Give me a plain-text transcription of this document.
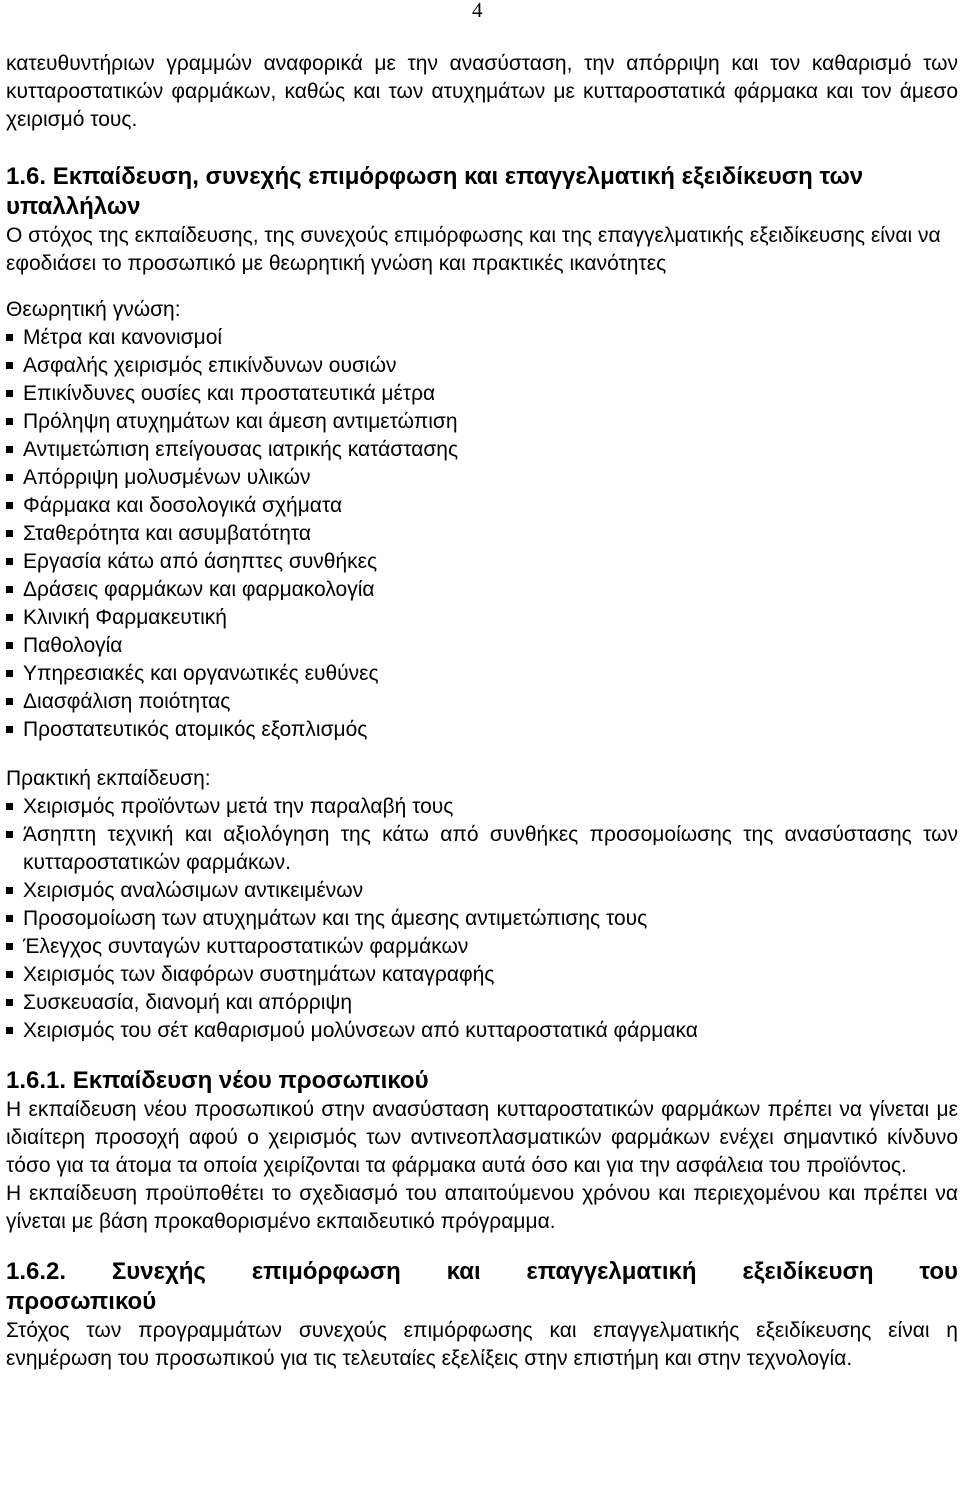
4

κατευθυντήριων γραμμών αναφορικά με την ανασύσταση, την απόρριψη και τον καθαρισμό των κυτταροστατικών φαρμάκων, καθώς και των ατυχημάτων με κυτταροστατικά φάρμακα και τον άμεσο χειρισμό τους.

1.6. Εκπαίδευση, συνεχής επιμόρφωση και επαγγελματική εξειδίκευση των υπαλλήλων

Ο στόχος της εκπαίδευσης, της συνεχούς επιμόρφωσης και της επαγγελματικής εξειδίκευσης είναι να εφοδιάσει το προσωπικό με θεωρητική γνώση και πρακτικές ικανότητες

Θεωρητική γνώση:

Μέτρα και κανονισμοί
Ασφαλής χειρισμός επικίνδυνων ουσιών
Επικίνδυνες ουσίες και προστατευτικά μέτρα
Πρόληψη ατυχημάτων και άμεση αντιμετώπιση
Αντιμετώπιση επείγουσας ιατρικής κατάστασης
Απόρριψη μολυσμένων υλικών
Φάρμακα και δοσολογικά σχήματα
Σταθερότητα και ασυμβατότητα
Εργασία κάτω από άσηπτες συνθήκες
Δράσεις φαρμάκων και φαρμακολογία
Κλινική Φαρμακευτική
Παθολογία
Υπηρεσιακές και οργανωτικές ευθύνες
Διασφάλιση ποιότητας
Προστατευτικός ατομικός εξοπλισμός

Πρακτική εκπαίδευση:

Χειρισμός προϊόντων μετά την παραλαβή τους
Άσηπτη τεχνική και αξιολόγηση της κάτω από συνθήκες προσομοίωσης της ανασύστασης των κυτταροστατικών φαρμάκων.
Χειρισμός αναλώσιμων αντικειμένων
Προσομοίωση των ατυχημάτων και της άμεσης αντιμετώπισης τους
Έλεγχος συνταγών κυτταροστατικών φαρμάκων
Χειρισμός των διαφόρων συστημάτων καταγραφής
Συσκευασία, διανομή και απόρριψη
Χειρισμός του σέτ καθαρισμού μολύνσεων από κυτταροστατικά φάρμακα

1.6.1. Εκπαίδευση νέου προσωπικού

Η εκπαίδευση νέου προσωπικού στην ανασύσταση κυτταροστατικών φαρμάκων πρέπει να γίνεται με ιδιαίτερη προσοχή αφού ο χειρισμός των αντινεοπλασματικών φαρμάκων ενέχει σημαντικό κίνδυνο τόσο για τα άτομα τα οποία χειρίζονται τα φάρμακα αυτά όσο και για την ασφάλεια του προϊόντος.

Η εκπαίδευση προϋποθέτει το σχεδιασμό του απαιτούμενου χρόνου και περιεχομένου και πρέπει να γίνεται με βάση προκαθορισμένο εκπαιδευτικό πρόγραμμα.

1.6.2. Συνεχής επιμόρφωση και επαγγελματική εξειδίκευση του

προσωπικού

Στόχος των προγραμμάτων συνεχούς επιμόρφωσης και επαγγελματικής εξειδίκευσης είναι η ενημέρωση του προσωπικού για τις τελευταίες εξελίξεις στην επιστήμη και στην τεχνολογία.
